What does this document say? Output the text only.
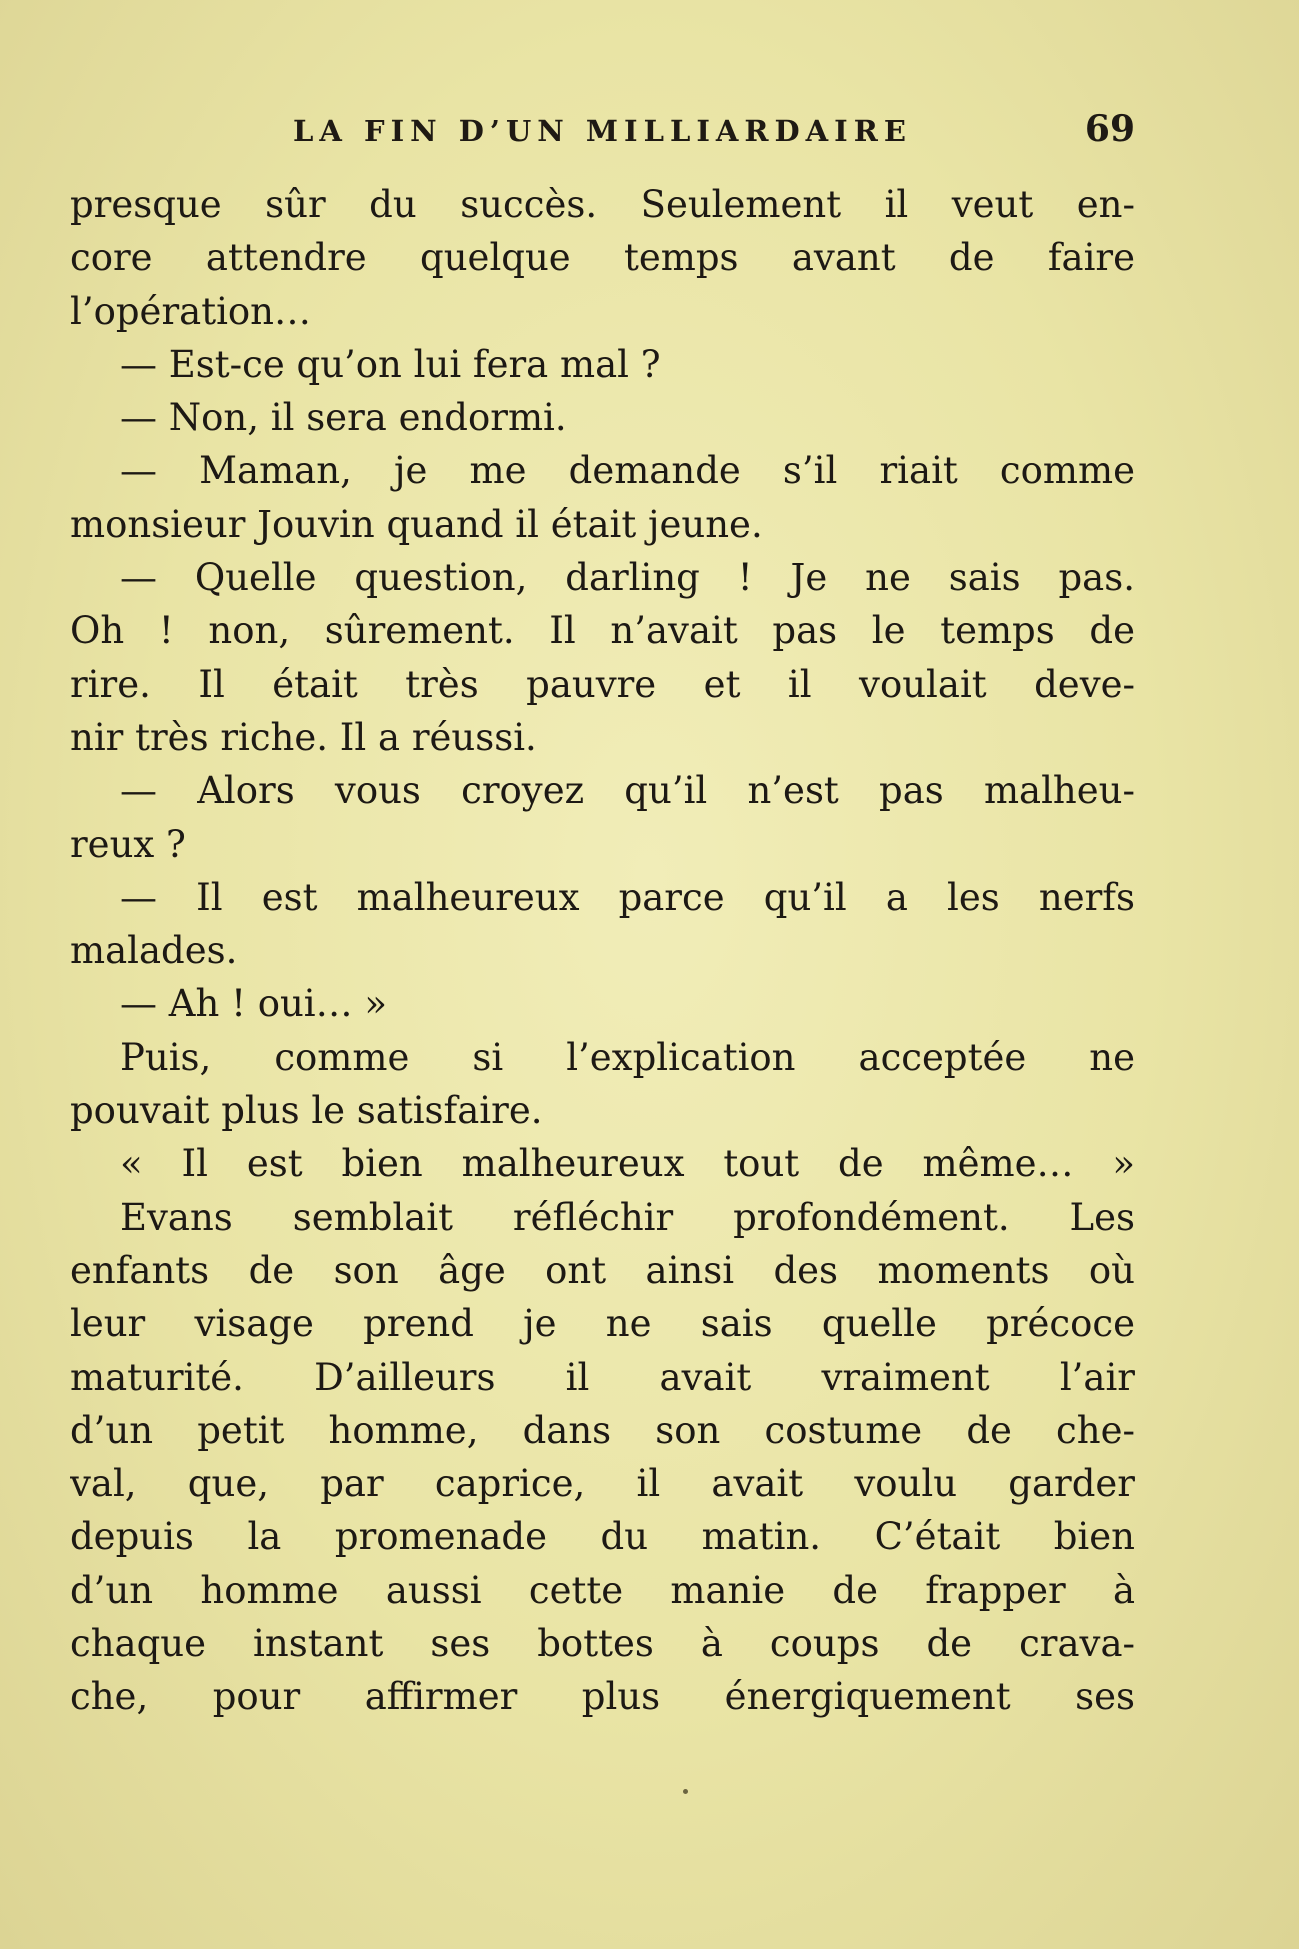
LA FIN D’UN MILLIARDAIRE	69
presque sûr du succès. Seulement il veut en-
core attendre quelque temps avant de faire
l’opération…
— Est-ce qu’on lui fera mal ?
— Non, il sera endormi.
— Maman, je me demande s’il riait comme
monsieur Jouvin quand il était jeune.
— Quelle question, darling ! Je ne sais pas.
Oh ! non, sûrement. Il n’avait pas le temps de
rire. Il était très pauvre et il voulait deve-
nir très riche. Il a réussi.
— Alors vous croyez qu’il n’est pas malheu-
reux ?
— Il est malheureux parce qu’il a les nerfs
malades.
— Ah ! oui… »
Puis, comme si l’explication acceptée ne
pouvait plus le satisfaire.
« Il est bien malheureux tout de même… »
Evans semblait réfléchir profondément. Les
enfants de son âge ont ainsi des moments où
leur visage prend je ne sais quelle précoce
maturité. D’ailleurs il avait vraiment l’air
d’un petit homme, dans son costume de che-
val, que, par caprice, il avait voulu garder
depuis la promenade du matin. C’était bien
d’un homme aussi cette manie de frapper à
chaque instant ses bottes à coups de crava-
che, pour affirmer plus énergiquement ses
